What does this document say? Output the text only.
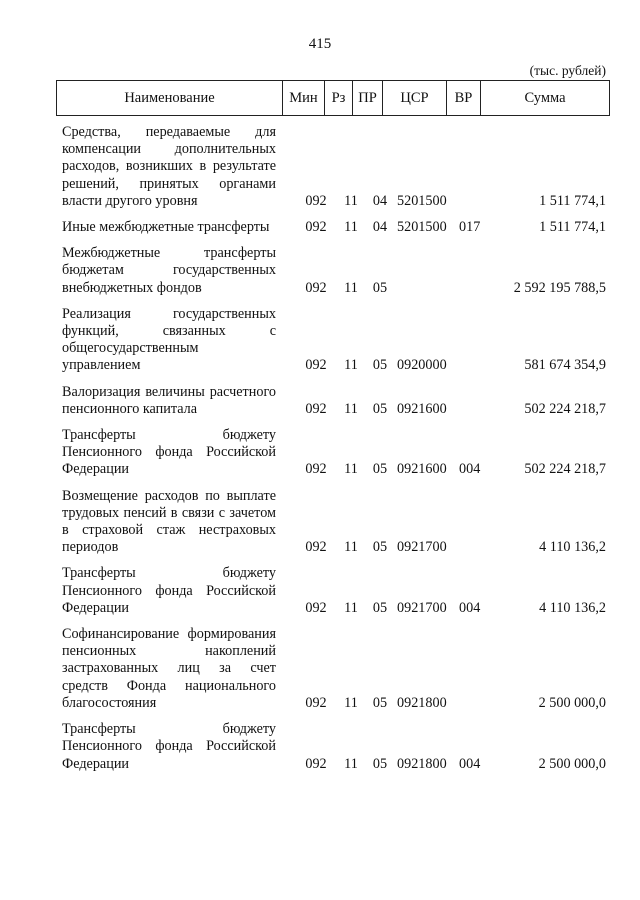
415
(тыс. рублей)
Наименование	Мин Рз ПР	ЦСР	ВР	Сумма
Средства, передаваемые для компенсации дополнительных расходов, возникших в результате решений, принятых органами власти другого уровня	092	11	04 5201500	1 511 774,1
Иные межбюджетные трансферты	092	11	04 5201500 017	1 511 774,1
Межбюджетные трансферты бюджетам государственных внебюджетных фондов	092	11	05	2 592 195 788,5
Реализация государственных функций, связанных с общегосударственным управлением	092	11	05 0920000	581 674 354,9
Валоризация величины расчетного пенсионного капитала	092	11	05 0921600	502 224 218,7
Трансферты бюджету Пенсионного фонда Российской Федерации	092	11	05 0921600 004	502 224 218,7
Возмещение расходов по выплате трудовых пенсий в связи с зачетом в страховой стаж нестраховых периодов	092	11	05 0921700	4 110 136,2
Трансферты бюджету Пенсионного фонда Российской Федерации	092	11	05 0921700 004	4 110 136,2
Софинансирование формирования пенсионных накоплений застрахованных лиц за счет средств Фонда национального благосостояния	092	11	05 0921800	2 500 000,0
Трансферты бюджету Пенсионного фонда Российской Федерации	092	11	05 0921800 004	2 500 000,0
